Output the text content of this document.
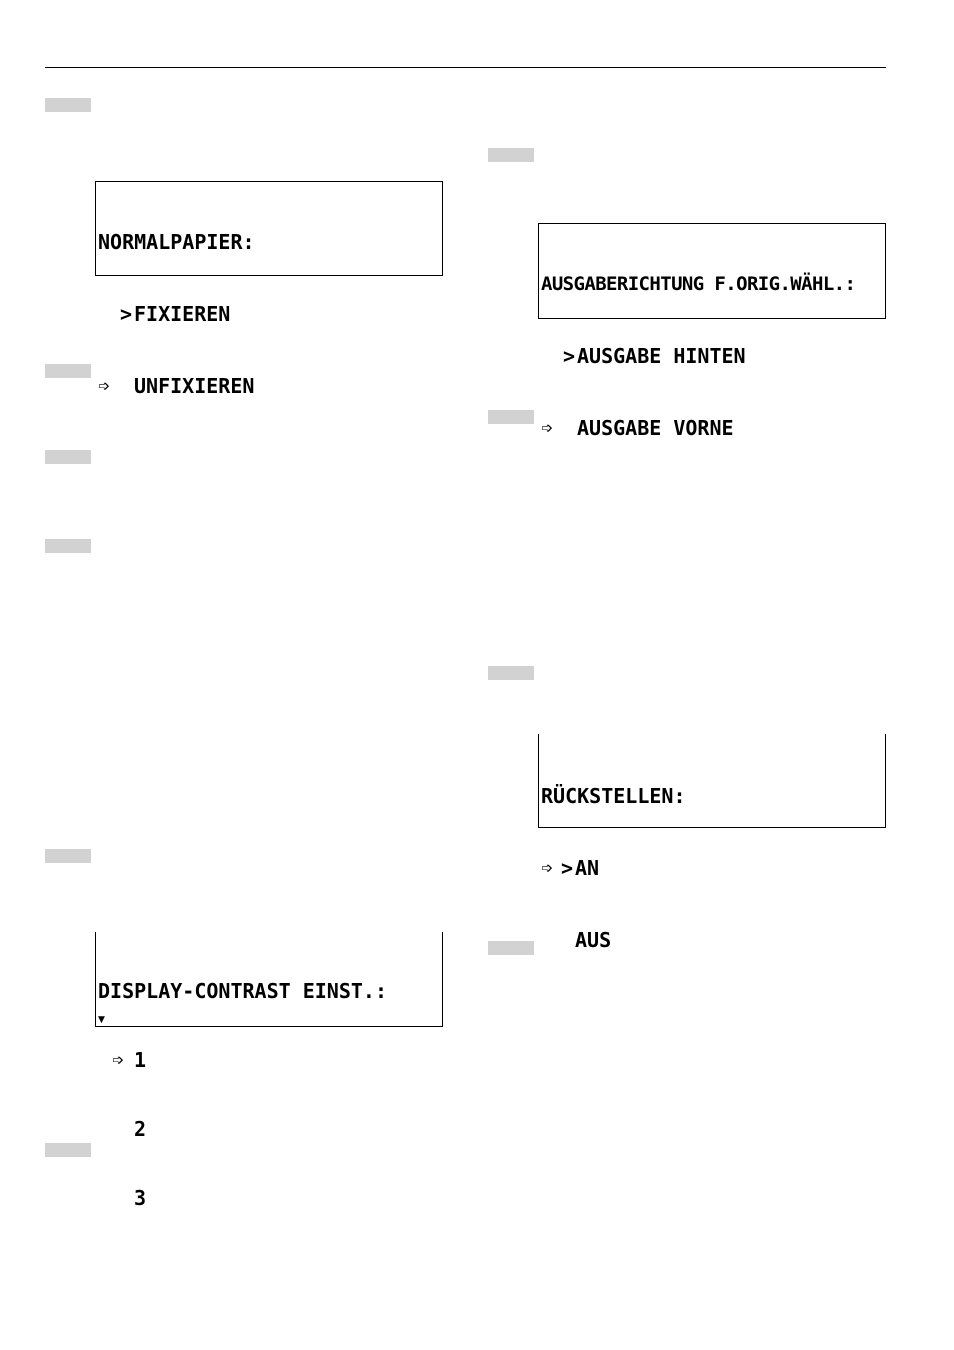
NORMALPAPIER:

>FIXIEREN

➩ UNFIXIEREN

AUSGABERICHTUNG F.ORIG.WÄHL.:

>AUSGABE HINTEN

➩ AUSGABE VORNE

RÜCKSTELLEN:

➩ >AN

AUS

DISPLAY-CONTRAST EINST.:

➩ 1

2

3

▼
